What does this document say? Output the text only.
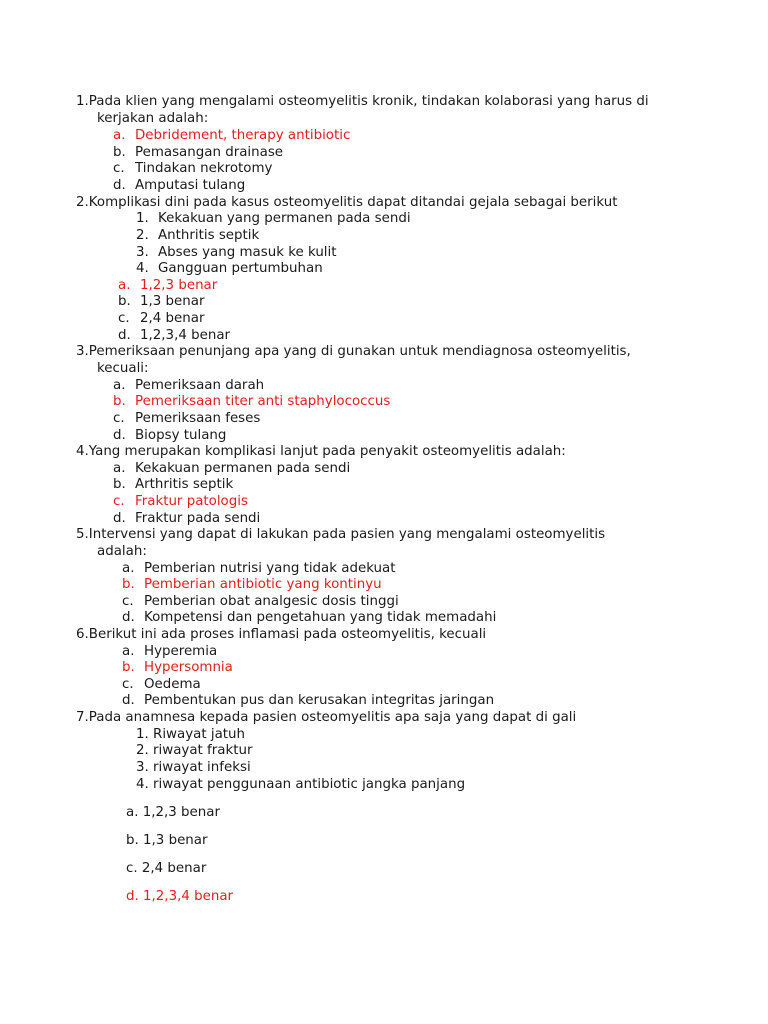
1.Pada klien yang mengalami osteomyelitis kronik, tindakan kolaborasi yang harus di
kerjakan adalah:
a. Debridement, therapy antibiotic
b. Pemasangan drainase
c. Tindakan nekrotomy
d. Amputasi tulang
2.Komplikasi dini pada kasus osteomyelitis dapat ditandai gejala sebagai berikut
1. Kekakuan yang permanen pada sendi
2. Anthritis septik
3. Abses yang masuk ke kulit
4. Gangguan pertumbuhan
a. 1,2,3 benar
b. 1,3 benar
c. 2,4 benar
d. 1,2,3,4 benar
3.Pemeriksaan penunjang apa yang di gunakan untuk mendiagnosa osteomyelitis,
kecuali:
a. Pemeriksaan darah
b. Pemeriksaan titer anti staphylococcus
c. Pemeriksaan feses
d. Biopsy tulang
4.Yang merupakan komplikasi lanjut pada penyakit osteomyelitis adalah:
a. Kekakuan permanen pada sendi
b. Arthritis septik
c. Fraktur patologis
d. Fraktur pada sendi
5.Intervensi yang dapat di lakukan pada pasien yang mengalami osteomyelitis
adalah:
a. Pemberian nutrisi yang tidak adekuat
b. Pemberian antibiotic yang kontinyu
c. Pemberian obat analgesic dosis tinggi
d. Kompetensi dan pengetahuan yang tidak memadahi
6.Berikut ini ada proses inflamasi pada osteomyelitis, kecuali
a. Hyperemia
b. Hypersomnia
c. Oedema
d. Pembentukan pus dan kerusakan integritas jaringan
7.Pada anamnesa kepada pasien osteomyelitis apa saja yang dapat di gali
1. Riwayat jatuh
2. riwayat fraktur
3. riwayat infeksi
4. riwayat penggunaan antibiotic jangka panjang
a. 1,2,3 benar
b. 1,3 benar
c. 2,4 benar
d. 1,2,3,4 benar
